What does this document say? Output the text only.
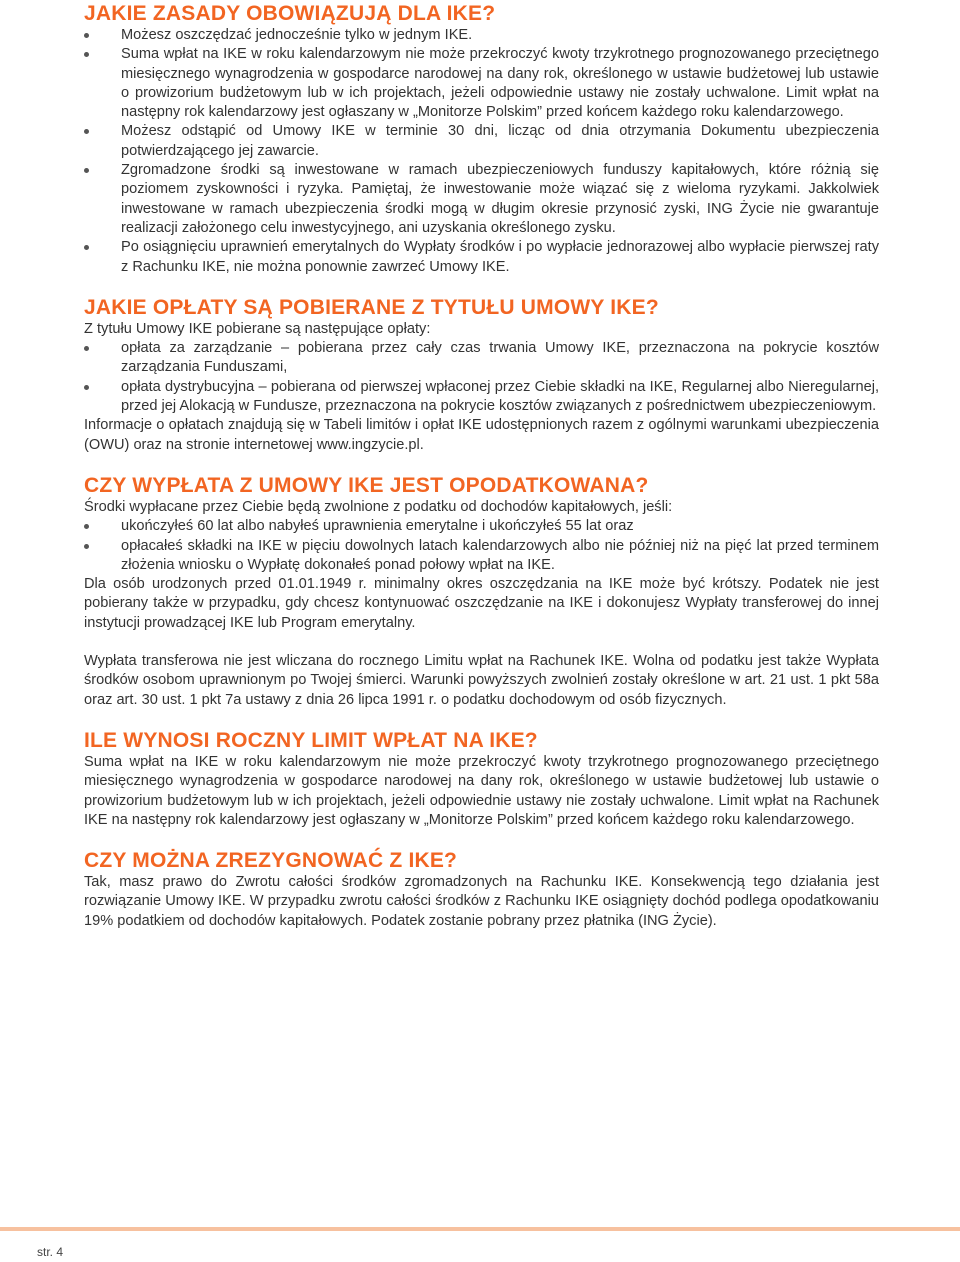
JAKIE ZASADY OBOWIĄZUJĄ DLA IKE?
Możesz oszczędzać jednocześnie tylko w jednym IKE.
Suma wpłat na IKE w roku kalendarzowym nie może przekroczyć kwoty trzykrotnego prognozowanego przeciętnego miesięcznego wynagrodzenia w gospodarce narodowej na dany rok, określonego w ustawie budżetowej lub ustawie o prowizorium budżetowym lub w ich projektach, jeżeli odpowiednie ustawy nie zostały uchwalone. Limit wpłat na następny rok kalendarzowy jest ogłaszany w „Monitorze Polskim” przed końcem każdego roku kalendarzowego.
Możesz odstąpić od Umowy IKE w terminie 30 dni, licząc od dnia otrzymania Dokumentu ubezpieczenia potwierdzającego jej zawarcie.
Zgromadzone środki są inwestowane w ramach ubezpieczeniowych funduszy kapitałowych, które różnią się poziomem zyskowności i ryzyka. Pamiętaj, że inwestowanie może wiązać się z wieloma ryzykami. Jakkolwiek inwestowane w ramach ubezpieczenia środki mogą w długim okresie przynosić zyski, ING Życie nie gwarantuje realizacji założonego celu inwestycyjnego, ani uzyskania określonego zysku.
Po osiągnięciu uprawnień emerytalnych do Wypłaty środków i po wypłacie jednorazowej albo wypłacie pierwszej raty z Rachunku IKE, nie można ponownie zawrzeć Umowy IKE.
JAKIE OPŁATY SĄ POBIERANE Z TYTUŁU UMOWY IKE?

Z tytułu Umowy IKE pobierane są następujące opłaty:

opłata za zarządzanie – pobierana przez cały czas trwania Umowy IKE, przeznaczona na pokrycie kosztów zarządzania Funduszami,
opłata dystrybucyjna – pobierana od pierwszej wpłaconej przez Ciebie składki na IKE, Regularnej albo Nieregularnej, przed jej Alokacją w Fundusze, przeznaczona na pokrycie kosztów związanych z pośrednictwem ubezpieczeniowym.

Informacje o opłatach znajdują się w Tabeli limitów i opłat IKE udostępnionych razem z ogólnymi warunkami ubezpieczenia (OWU) oraz na stronie internetowej www.ingzycie.pl.

CZY WYPŁATA Z UMOWY IKE JEST OPODATKOWANA?

Środki wypłacane przez Ciebie będą zwolnione z podatku od dochodów kapitałowych, jeśli:

ukończyłeś 60 lat albo nabyłeś uprawnienia emerytalne i ukończyłeś 55 lat oraz
opłacałeś składki na IKE w pięciu dowolnych latach kalendarzowych albo nie później niż na pięć lat przed terminem złożenia wniosku o Wypłatę dokonałeś ponad połowy wpłat na IKE.

Dla osób urodzonych przed 01.01.1949 r. minimalny okres oszczędzania na IKE może być krótszy. Podatek nie jest pobierany także w przypadku, gdy chcesz kontynuować oszczędzanie na IKE i dokonujesz Wypłaty transferowej do innej instytucji prowadzącej IKE lub Program emerytalny.

Wypłata transferowa nie jest wliczana do rocznego Limitu wpłat na Rachunek IKE. Wolna od podatku jest także Wypłata środków osobom uprawnionym po Twojej śmierci. Warunki powyższych zwolnień zostały określone w art. 21 ust. 1 pkt 58a oraz art. 30 ust. 1 pkt 7a ustawy z dnia 26 lipca 1991 r. o podatku dochodowym od osób fizycznych.

ILE WYNOSI ROCZNY LIMIT WPŁAT NA IKE?

Suma wpłat na IKE w roku kalendarzowym nie może przekroczyć kwoty trzykrotnego prognozowanego przeciętnego miesięcznego wynagrodzenia w gospodarce narodowej na dany rok, określonego w ustawie budżetowej lub ustawie o prowizorium budżetowym lub w ich projektach, jeżeli odpowiednie ustawy nie zostały uchwalone. Limit wpłat na Rachunek IKE na następny rok kalendarzowy jest ogłaszany w „Monitorze Polskim” przed końcem każdego roku kalendarzowego.

CZY MOŻNA ZREZYGNOWAĆ Z IKE?

Tak, masz prawo do Zwrotu całości środków zgromadzonych na Rachunku IKE. Konsekwencją tego działania jest rozwiązanie Umowy IKE. W przypadku zwrotu całości środków z Rachunku IKE osiągnięty dochód podlega opodatkowaniu 19% podatkiem od dochodów kapitałowych. Podatek zostanie pobrany przez płatnika (ING Życie).

str. 4
